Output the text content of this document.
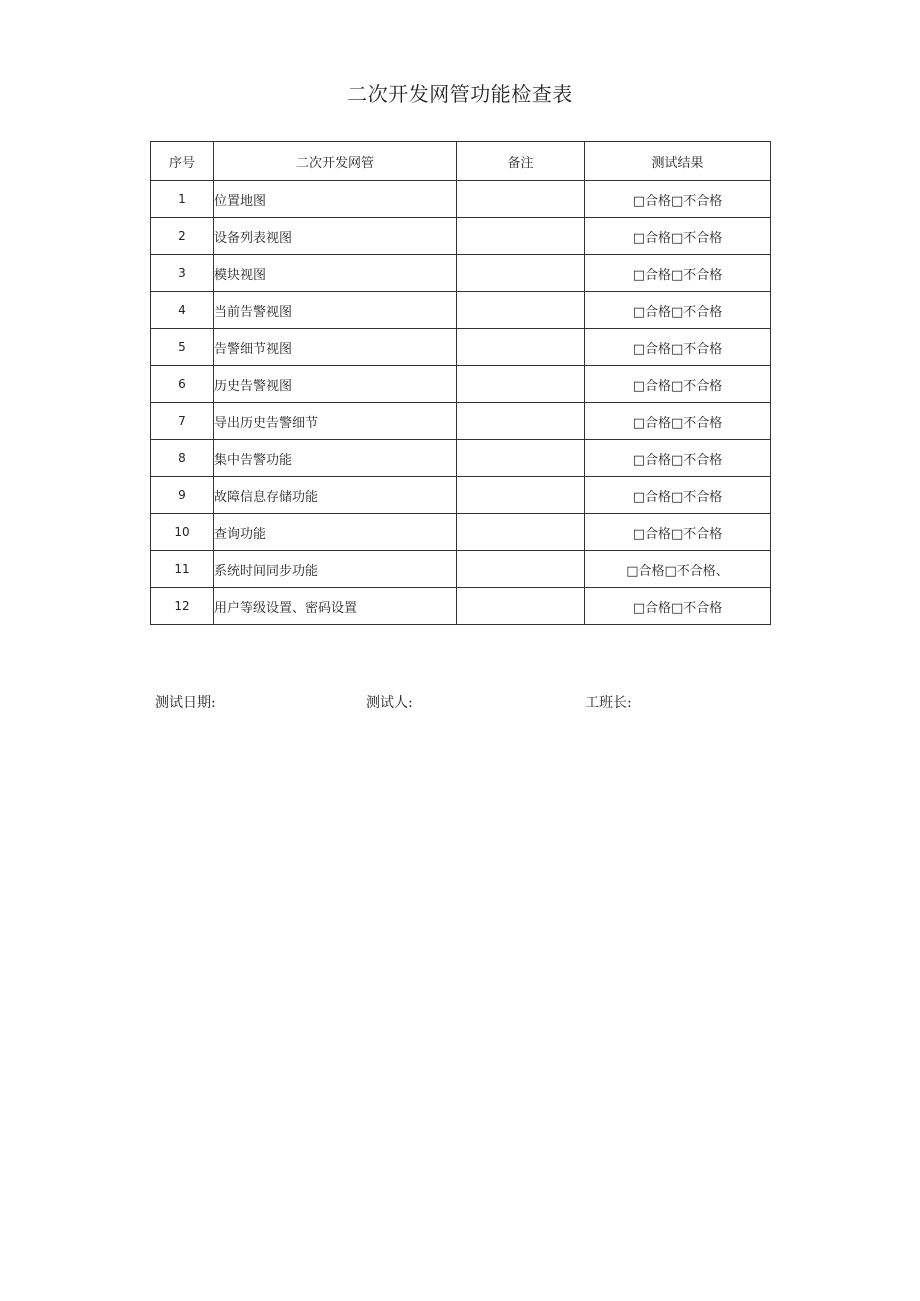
二次开发网管功能检查表
序号	二次开发网管	备注	测试结果
1	位置地图		□合格□不合格
2	设备列表视图		□合格□不合格
3	模块视图		□合格□不合格
4	当前告警视图		□合格□不合格
5	告警细节视图		□合格□不合格
6	历史告警视图		□合格□不合格
7	导出历史告警细节		□合格□不合格
8	集中告警功能		□合格□不合格
9	故障信息存储功能		□合格□不合格
10	查询功能		□合格□不合格
11	系统时间同步功能		□合格□不合格、
12	用户等级设置、密码设置		□合格□不合格
测试日期:	测试人:	工班长:
